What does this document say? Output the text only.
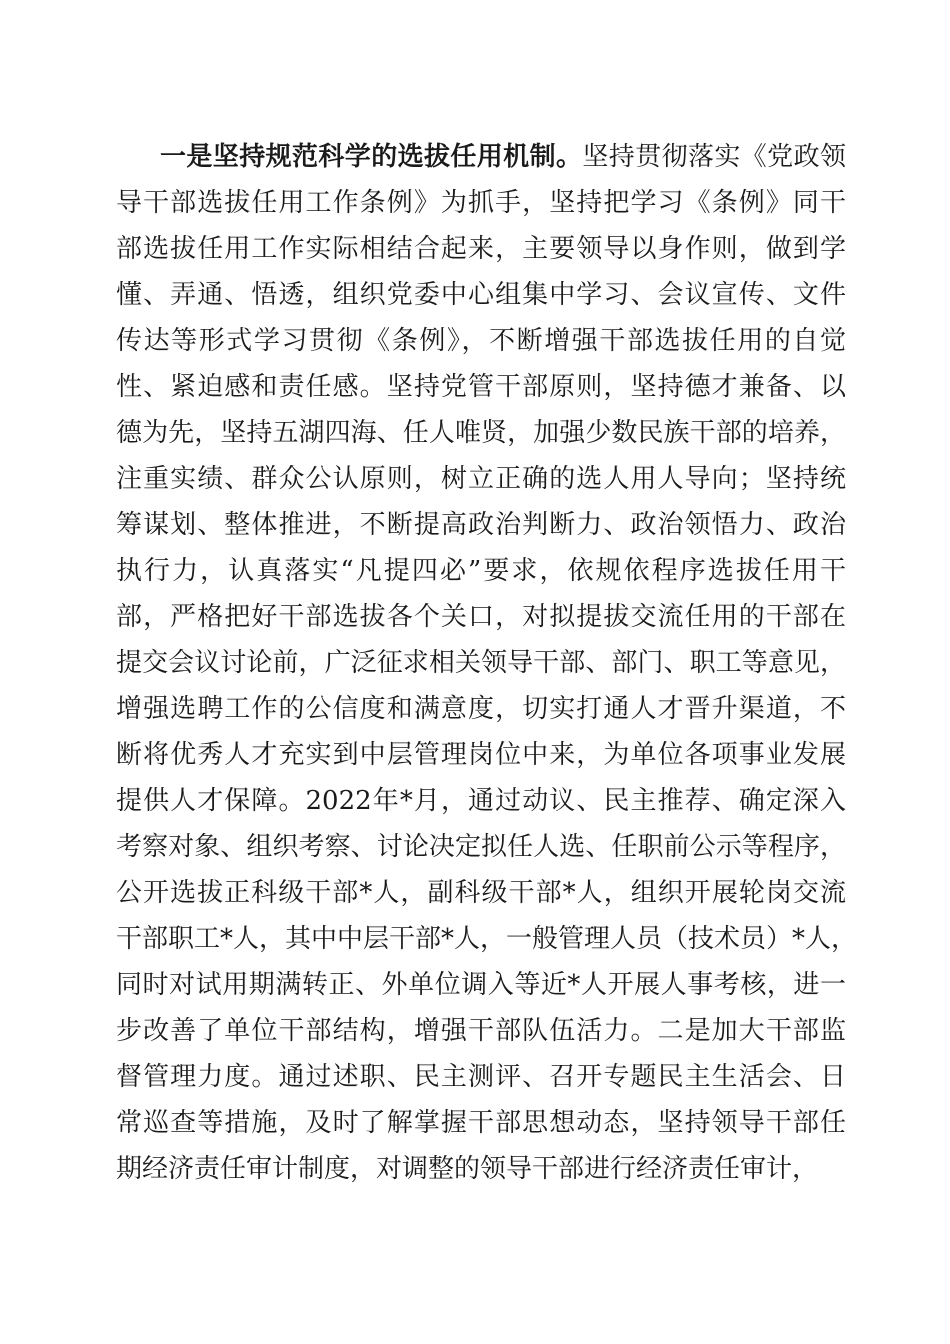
一是坚持规范科学的选拔任用机制。坚持贯彻落实《党政领
导干部选拔任用工作条例》为抓手，坚持把学习《条例》同干
部选拔任用工作实际相结合起来，主要领导以身作则，做到学
懂、弄通、悟透，组织党委中心组集中学习、会议宣传、文件
传达等形式学习贯彻《条例》，不断增强干部选拔任用的自觉
性、紧迫感和责任感。坚持党管干部原则，坚持德才兼备、以
德为先，坚持五湖四海、任人唯贤，加强少数民族干部的培养，
注重实绩、群众公认原则，树立正确的选人用人导向；坚持统
筹谋划、整体推进，不断提高政治判断力、政治领悟力、政治
执行力，认真落实“凡提四必”要求，依规依程序选拔任用干
部，严格把好干部选拔各个关口，对拟提拔交流任用的干部在
提交会议讨论前，广泛征求相关领导干部、部门、职工等意见，
增强选聘工作的公信度和满意度，切实打通人才晋升渠道，不
断将优秀人才充实到中层管理岗位中来，为单位各项事业发展
提供人才保障。2022年*月，通过动议、民主推荐、确定深入
考察对象、组织考察、讨论决定拟任人选、任职前公示等程序，
公开选拔正科级干部*人，副科级干部*人，组织开展轮岗交流
干部职工*人，其中中层干部*人，一般管理人员（技术员）*人，
同时对试用期满转正、外单位调入等近*人开展人事考核，进一
步改善了单位干部结构，增强干部队伍活力。二是加大干部监
督管理力度。通过述职、民主测评、召开专题民主生活会、日
常巡查等措施，及时了解掌握干部思想动态，坚持领导干部任
期经济责任审计制度，对调整的领导干部进行经济责任审计，
